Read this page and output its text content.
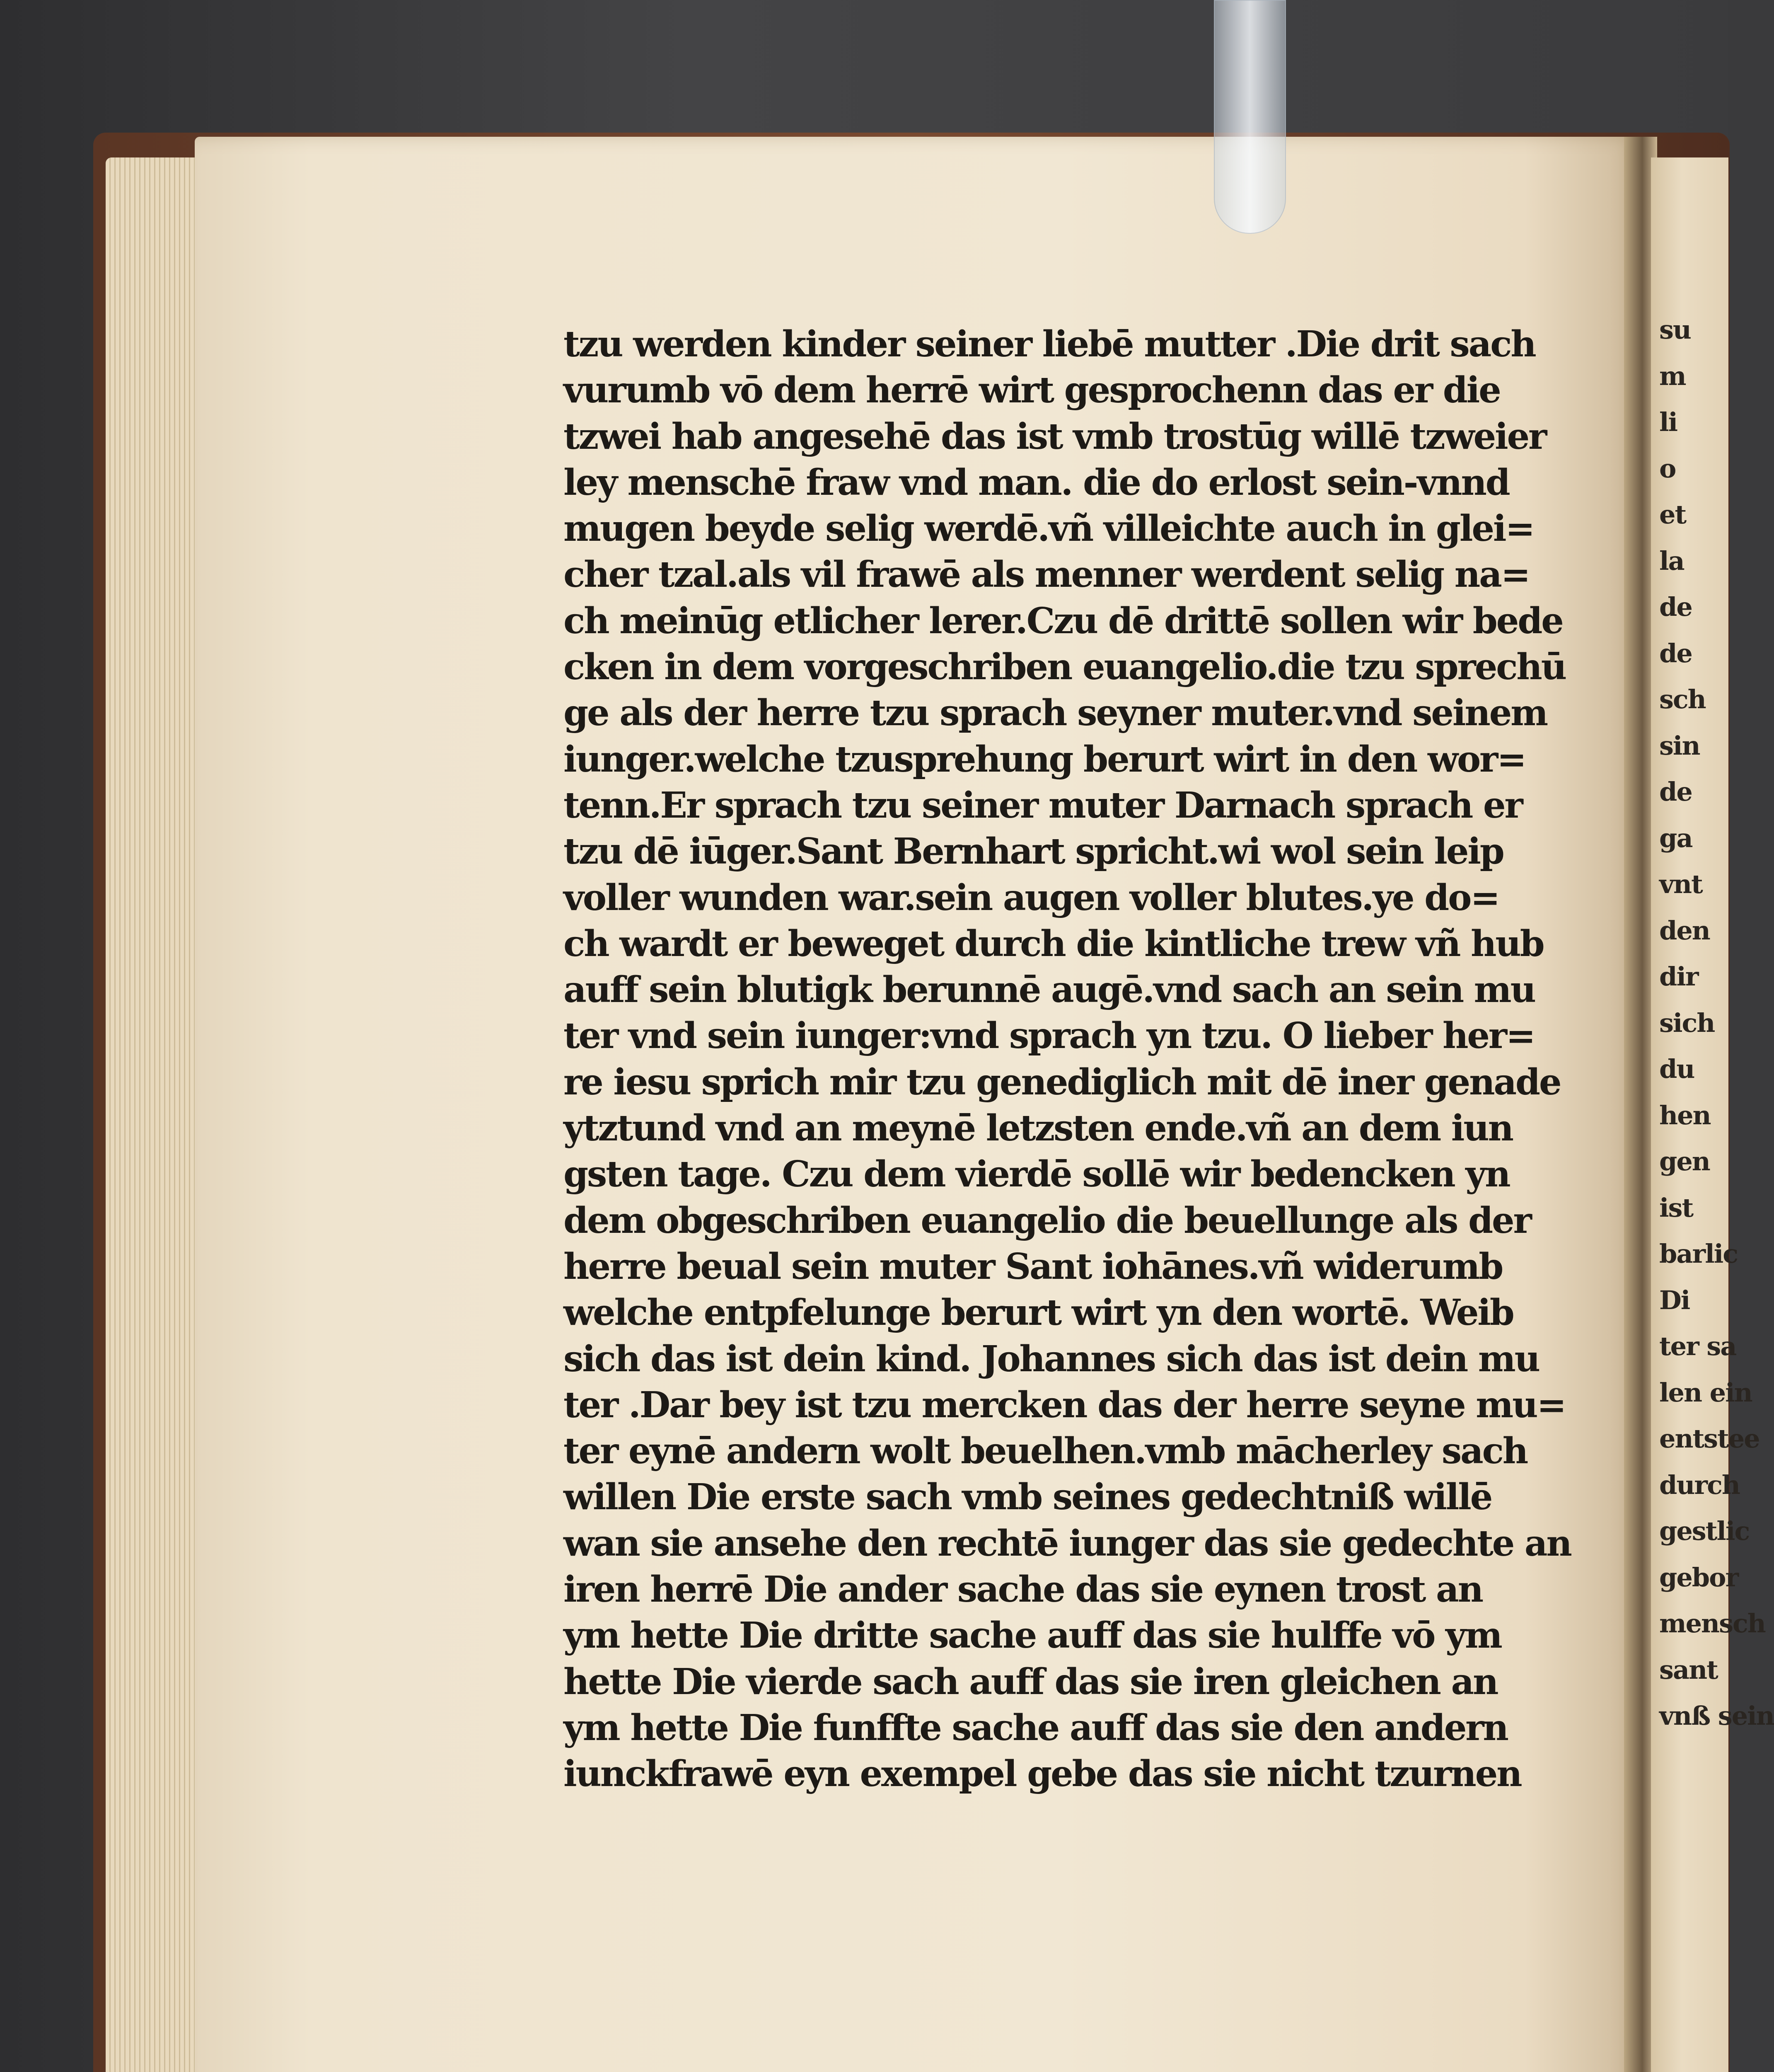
tzu werden kinder seiner liebē mutter .Die drit sach
vurumb vō dem herrē wirt gesprochenn das er die
tzwei hab angesehē das ist vmb trostūg willē tzweier
ley menschē fraw vnd man. die do erlost sein-vnnd
mugen beyde selig werdē.vñ villeichte auch in glei=
cher tzal.als vil frawē als menner werdent selig na=
ch meinūg etlicher lerer.Czu dē drittē sollen wir bede
cken in dem vorgeschriben euangelio.die tzu sprechū
ge als der herre tzu sprach seyner muter.vnd seinem
iunger.welche tzusprehung berurt wirt in den wor=
tenn.Er sprach tzu seiner muter Darnach sprach er
tzu dē iūger.Sant Bernhart spricht.wi wol sein leip
voller wunden war.sein augen voller blutes.ye do=
ch wardt er beweget durch die kintliche trew vñ hub
auff sein blutigk berunnē augē.vnd sach an sein mu
ter vnd sein iunger:vnd sprach yn tzu. O lieber her=
re iesu sprich mir tzu genediglich mit dē iner genade
ytztund vnd an meynē letzsten ende.vñ an dem iun
gsten tage. Czu dem vierdē sollē wir bedencken yn
dem obgeschriben euangelio die beuellunge als der
herre beual sein muter Sant iohānes.vñ widerumb
welche entpfelunge berurt wirt yn den wortē. Weib
sich das ist dein kind. Johannes sich das ist dein mu
ter .Dar bey ist tzu mercken das der herre seyne mu=
ter eynē andern wolt beuelhen.vmb mācherley sach
willen Die erste sach vmb seines gedechtniß willē
wan sie ansehe den rechtē iunger das sie gedechte an
iren herrē Die ander sache das sie eynen trost an
ym hette Die dritte sache auff das sie hulffe vō ym
hette Die vierde sach auff das sie iren gleichen an
ym hette Die funffte sache auff das sie den andern
iunckfrawē eyn exempel gebe das sie nicht tzurnen
su
m
li
o
et
la
de
de
sch
sin
de
ga
vnt
den
dir
sich
du
hen
gen
ist
barlic
Di
ter sa
len ein
entstee
durch
gestlic
gebor
mensch
sant
vnß sein
